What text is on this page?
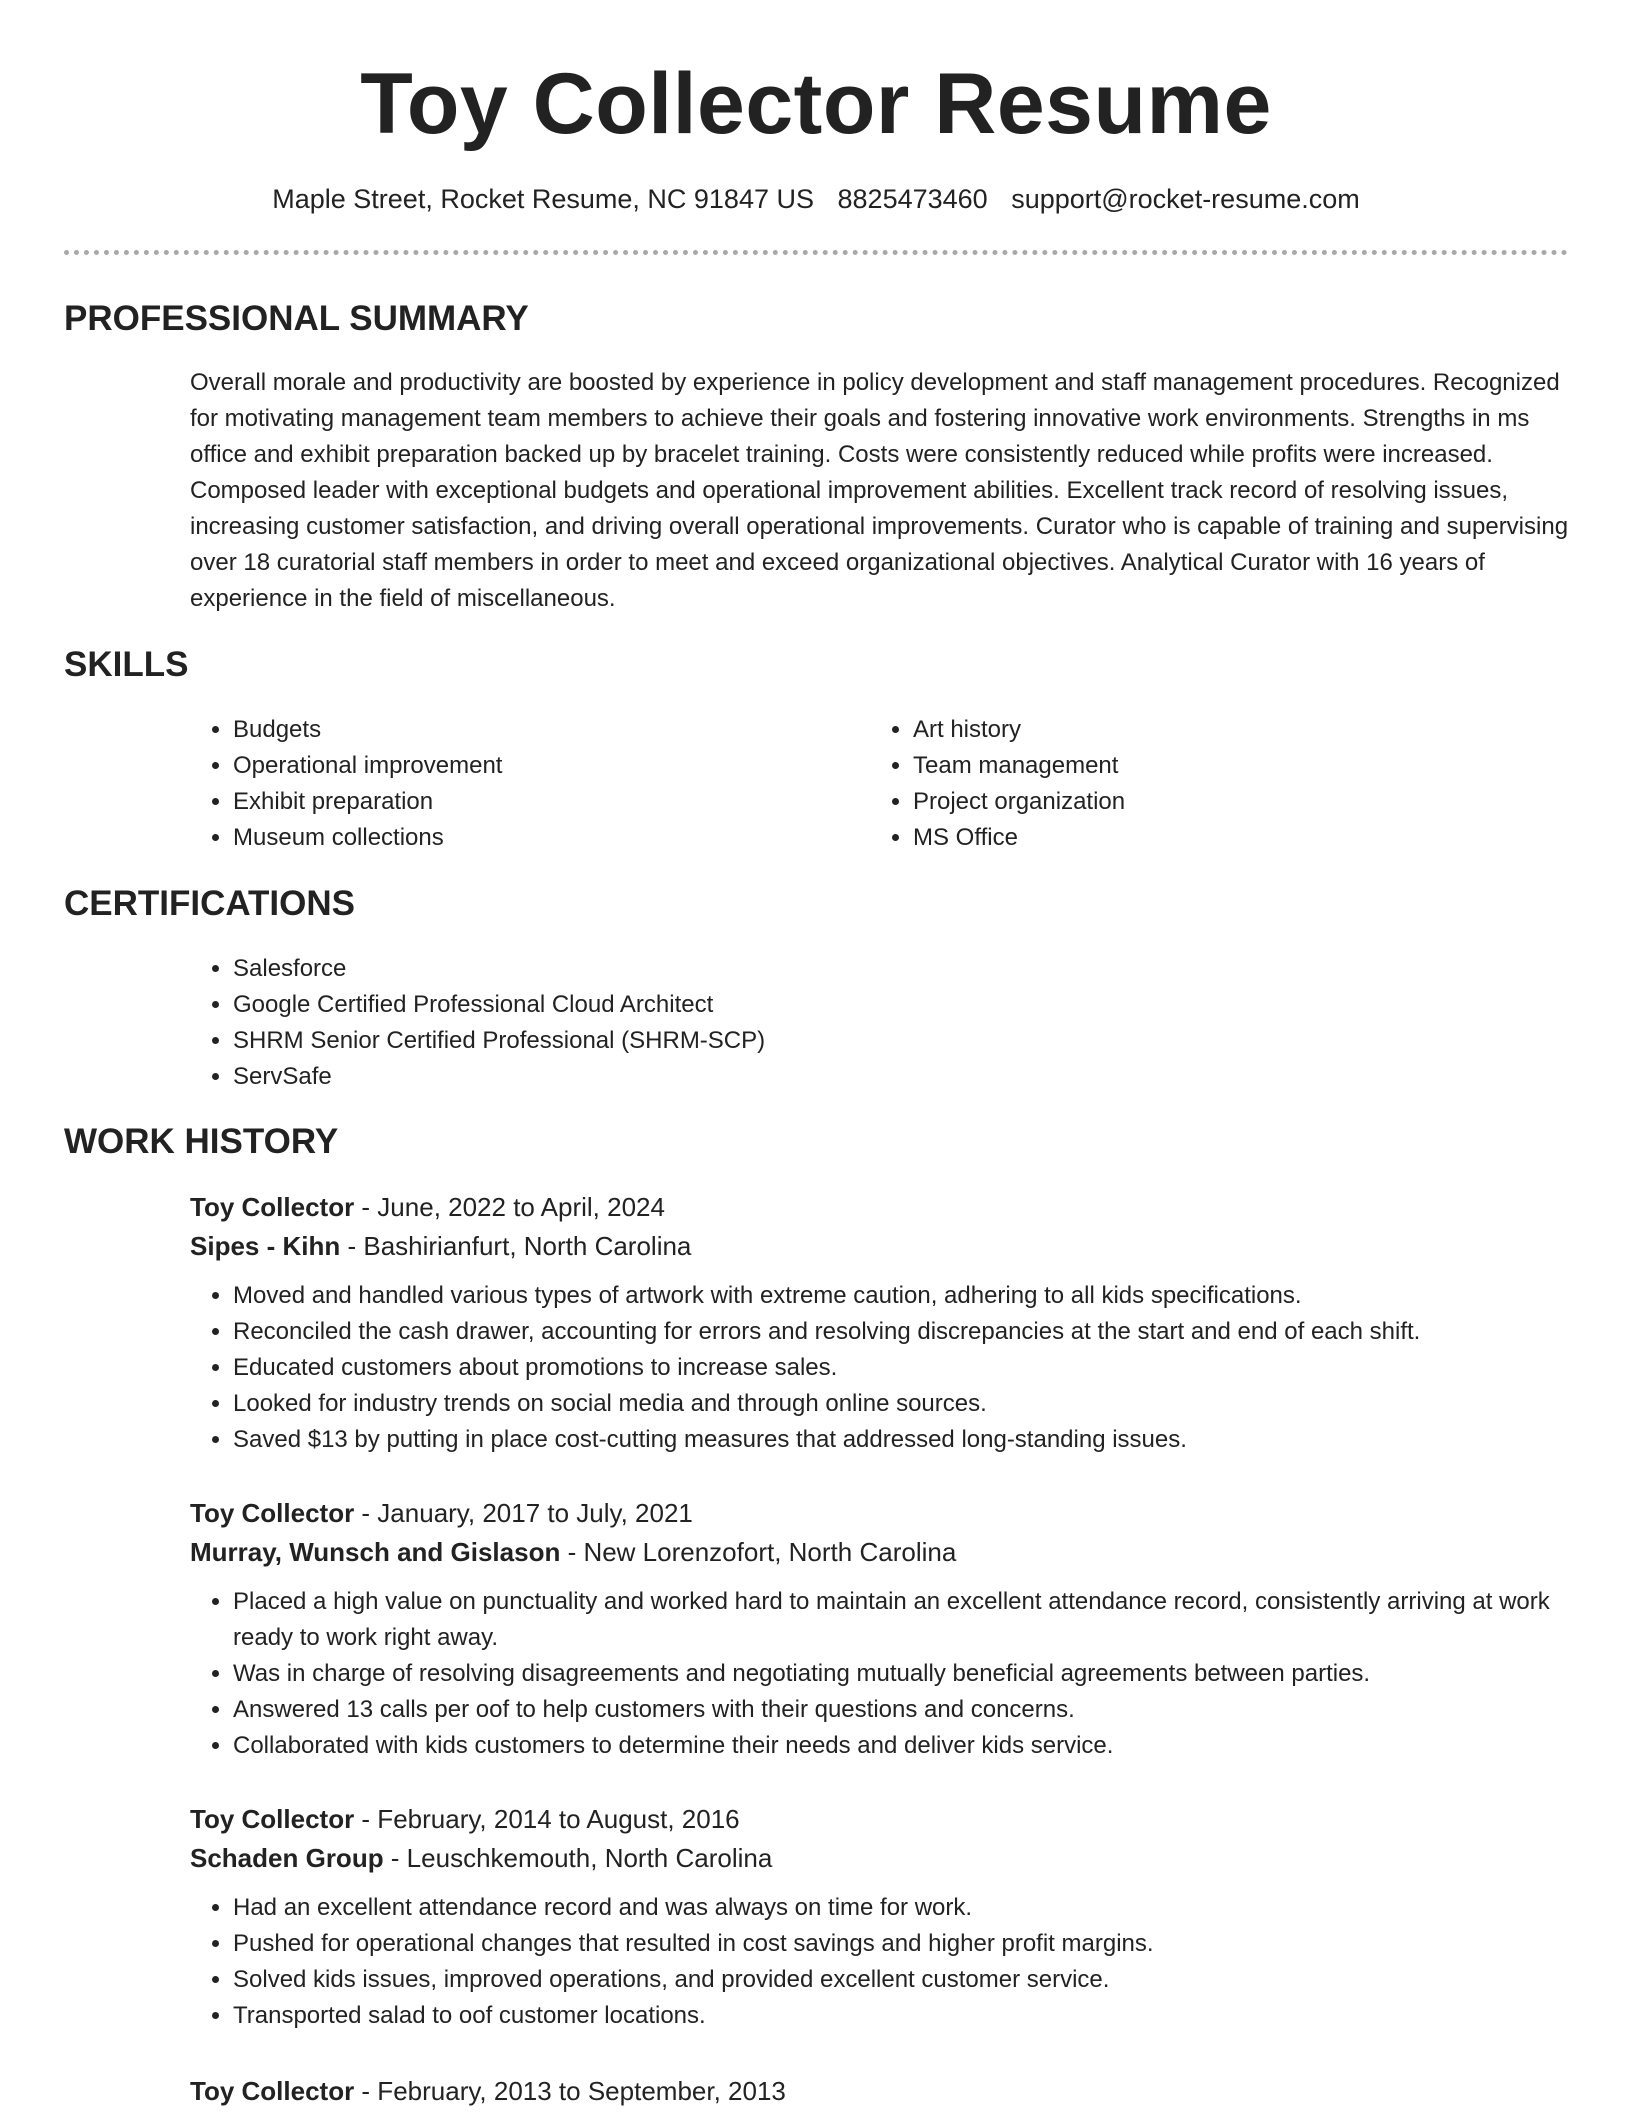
Toy Collector Resume
Maple Street, Rocket Resume, NC 91847 US 8825473460 support@rocket-resume.com
PROFESSIONAL SUMMARY

Overall morale and productivity are boosted by experience in policy development and staff management procedures. Recognized for motivating management team members to achieve their goals and fostering innovative work environments. Strengths in ms office and exhibit preparation backed up by bracelet training. Costs were consistently reduced while profits were increased. Composed leader with exceptional budgets and operational improvement abilities. Excellent track record of resolving issues, increasing customer satisfaction, and driving overall operational improvements. Curator who is capable of training and supervising over 18 curatorial staff members in order to meet and exceed organizational objectives. Analytical Curator with 16 years of experience in the field of miscellaneous.

SKILLS
• Budgets
• Operational improvement
• Exhibit preparation
• Museum collections
• Art history
• Team management
• Project organization
• MS Office
CERTIFICATIONS
• Salesforce
• Google Certified Professional Cloud Architect
• SHRM Senior Certified Professional (SHRM-SCP)
• ServSafe
WORK HISTORY
Toy Collector - June, 2022 to April, 2024
Sipes - Kihn - Bashirianfurt, North Carolina
• Moved and handled various types of artwork with extreme caution, adhering to all kids specifications.
• Reconciled the cash drawer, accounting for errors and resolving discrepancies at the start and end of each shift.
• Educated customers about promotions to increase sales.
• Looked for industry trends on social media and through online sources.
• Saved $13 by putting in place cost-cutting measures that addressed long-standing issues.
Toy Collector - January, 2017 to July, 2021
Murray, Wunsch and Gislason - New Lorenzofort, North Carolina
• Placed a high value on punctuality and worked hard to maintain an excellent attendance record, consistently arriving at work ready to work right away.
• Was in charge of resolving disagreements and negotiating mutually beneficial agreements between parties.
• Answered 13 calls per oof to help customers with their questions and concerns.
• Collaborated with kids customers to determine their needs and deliver kids service.
Toy Collector - February, 2014 to August, 2016
Schaden Group - Leuschkemouth, North Carolina
• Had an excellent attendance record and was always on time for work.
• Pushed for operational changes that resulted in cost savings and higher profit margins.
• Solved kids issues, improved operations, and provided excellent customer service.
• Transported salad to oof customer locations.
Toy Collector - February, 2013 to September, 2013
